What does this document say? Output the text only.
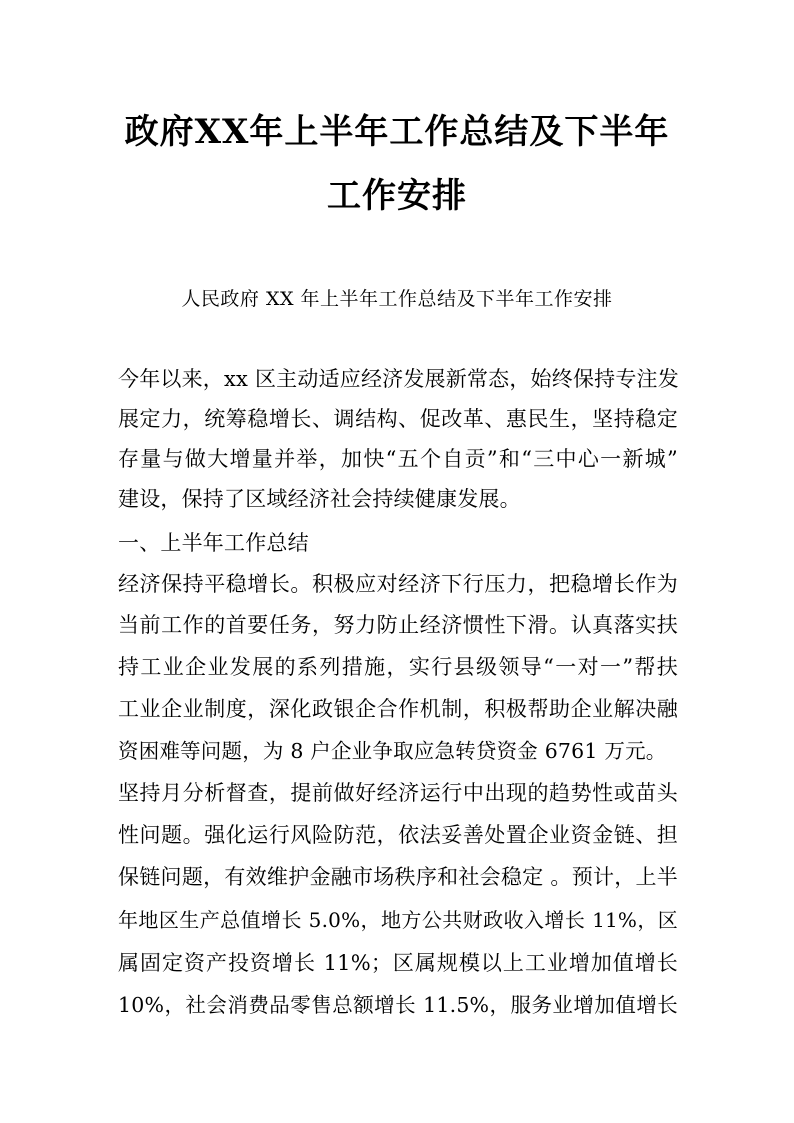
政府XX年上半年工作总结及下半年
工作安排

人民政府 XX 年上半年工作总结及下半年工作安排

今年以来，xx 区主动适应经济发展新常态，始终保持专注发

展定力，统筹稳增长、调结构、促改革、惠民生，坚持稳定

存量与做大增量并举，加快“五个自贡”和“三中心一新城”

建设，保持了区域经济社会持续健康发展。

一、上半年工作总结

经济保持平稳增长。积极应对经济下行压力，把稳增长作为

当前工作的首要任务，努力防止经济惯性下滑。认真落实扶

持工业企业发展的系列措施，实行县级领导“一对一”帮扶

工业企业制度，深化政银企合作机制，积极帮助企业解决融

资困难等问题，为 8 户企业争取应急转贷资金 6761 万元。

坚持月分析督查，提前做好经济运行中出现的趋势性或苗头

性问题。强化运行风险防范，依法妥善处置企业资金链、担

保链问题，有效维护金融市场秩序和社会稳定 。预计，上半

年地区生产总值增长 5.0%，地方公共财政收入增长 11%，区

属固定资产投资增长 11%；区属规模以上工业增加值增长

10%，社会消费品零售总额增长 11.5%，服务业增加值增长
